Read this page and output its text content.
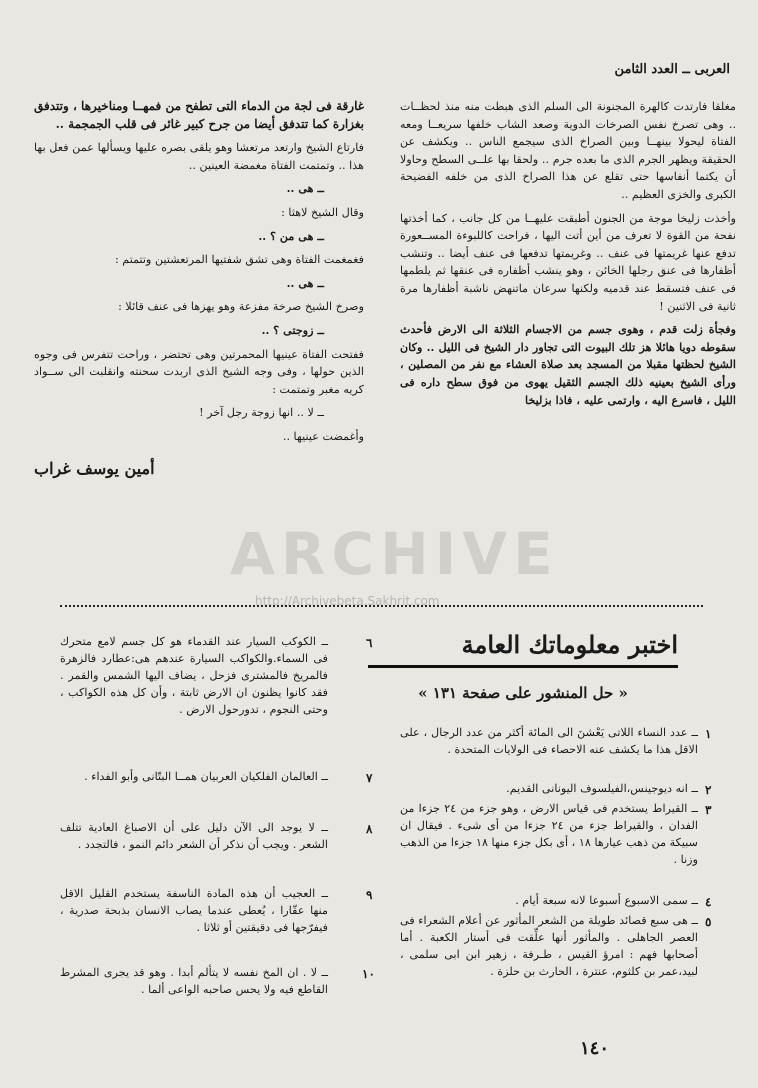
العربى ــ العدد الثامن

مغلقا فارتدت كالهرة المجنونة الى السلم الذى هبطت منه منذ لحظــات .. وهى تصرخ نفس الصرخات الدوية وصعد الشاب خلفها سريعــا ومعه الفتاة ليحولا بينهــا وبين الصراخ الذى سيجمع الناس .. ويكشف عن الحقيقة ويظهر الجرم الذى ما بعده جرم .. ولحقا بها علــى السطح وحاولا أن يكتما أنفاسها حتى تقلع عن هذا الصراخ الذى من خلفه الفضيحة الكبرى والخزى العظيم ..

وأخذت زليخا موجة من الجنون أطبقت عليهــا من كل جانب ، كما أخذتها نفحة من القوة لا تعرف من أين أتت اليها ، فراحت كاللبوءة المســعورة تدفع عنها غريمتها فى عنف .. وغريمتها تدفعها فى عنف أيضا .. وتنشب أظفارها فى عنق رجلها الخائن ، وهو ينشب أظفاره فى عنقها ثم يلطمها فى عنف فتسقط عند قدميه ولكنها سرعان ماتنهض ناشبة أظفارها مرة ثانية فى الاثنين !

وفجأة زلت قدم ، وهوى جسم من الاجسام الثلاثة الى الارض فأحدث سقوطه دويا هائلا هز تلك البيوت التى تجاور دار الشيخ فى الليل .. وكان الشيخ لحظتها مقبلا من المسجد بعد صلاة العشاء مع نفر من المصلين ، ورأى الشيخ بعينيه ذلك الجسم الثقيل يهوى من فوق سطح داره فى الليل ، فاسرع اليه ، وارتمى عليه ، فاذا بزليخا

غارقة فى لجة من الدماء التى تطفح من فمهــا ومناخيرها ، وتتدفق بغزارة كما تتدفق أيضا من جرح كبير غائر فى قلب الجمجمة ..

فارتاع الشيخ وارتعد مرتعشا وهو يلقى بصره عليها ويسألها عمن فعل بها هذا .. وتمتمت الفتاة مغمضة العينين ..

ــ هى ..

وقال الشيخ لاهثا :

ــ هى من ؟ ..

فغمغمت الفتاة وهى تشق شفتيها المرتعشتين وتتمتم :

ــ هى ..

وصرخ الشيخ صرخة مفزعة وهو يهزها فى عنف قائلا :

ــ زوجتى ؟ ..

ففتحت الفتاة عينيها المحمرتين وهى تحتضر ، وراحت تتفرس فى وجوه الذين حولها ، وفى وجه الشيخ الذى اربدت سحنته وانقلبت الى ســواد كريه مغبر وتمتمت :

ــ لا .. انها زوجة رجل آخر !

وأغمضت عينيها ..

أمين يوسف غراب
ARCHIVE
http://Archivebeta.Sakhrit.com
اختبر معلوماتك العامة
« حل المنشور على صفحة ١٣١ »
١
ــ عدد النساء اللاتى يَعْشنَ الى المائة أكثر من عدد الرجال ، على الاقل هذا ما يكشف عنه الاحصاء فى الولايات المتحدة .
٢
ــ انه ديوجينس،الفيلسوف اليونانى القديم.
٣
ــ القيراط يستخدم فى قياس الارض ، وهو جزء من ٢٤ جزءا من الفدان ، والقيراط جزء من ٢٤ جزءا من أى شىء . فيقال ان سبيكة من ذهب عيارها ١٨ ، أى بكل جزء منها ١٨ جزءا من الذهب وزنا .
٤
ــ سمى الاسبوع أسبوعا لانه سبعة أيام .
٥
ــ هى سبع قصائد طويلة من الشعر المأثور عن أعلام الشعراء فى العصر الجاهلى . والمأثور أنها علِّقت فى أستار الكعبة . أما أصحابها فهم : امرؤ القيس ، طـرفة ، زهير ابن ابى سلمى ، لبيد،عمر بن كلثوم، عنترة ، الحارث بن حلزة .
٦
ــ الكوكب السيار عند القدماء هو كل جسم لامع متحرك فى السماء.والكواكب السيارة عندهم هى:عطارد فالزهرة فالمريخ فالمشترى فزحل ، يضاف اليها الشمس والقمر . فقد كانوا يظنون ان الارض ثابتة ، وأن كل هذه الكواكب ، وحتى النجوم ، تدورحول الارض .
٧
ــ العالمان الفلكيان العربيان همــا البتّانى وأبو الفداء .
٨
ــ لا يوجد الى الآن دليل على أن الاصباغ العادية تتلف الشعر . ويجب أن نذكر أن الشعر دائم النمو ، فالتجدد .
٩
ــ العجيب أن هذه المادة الناسفة يستخدم القليل الاقل منها عقّارا ، يُعطى عندما يصاب الانسان بذبحة صدرية ، فيفرّجها فى دقيقتين أو ثلاثا .
١٠
ــ لا . ان المخ نفسه لا يتألم أبدا . وهو قد يجرى المشرط القاطع فيه ولا يحس صاحبه الواعى ألما .
١٤٠
